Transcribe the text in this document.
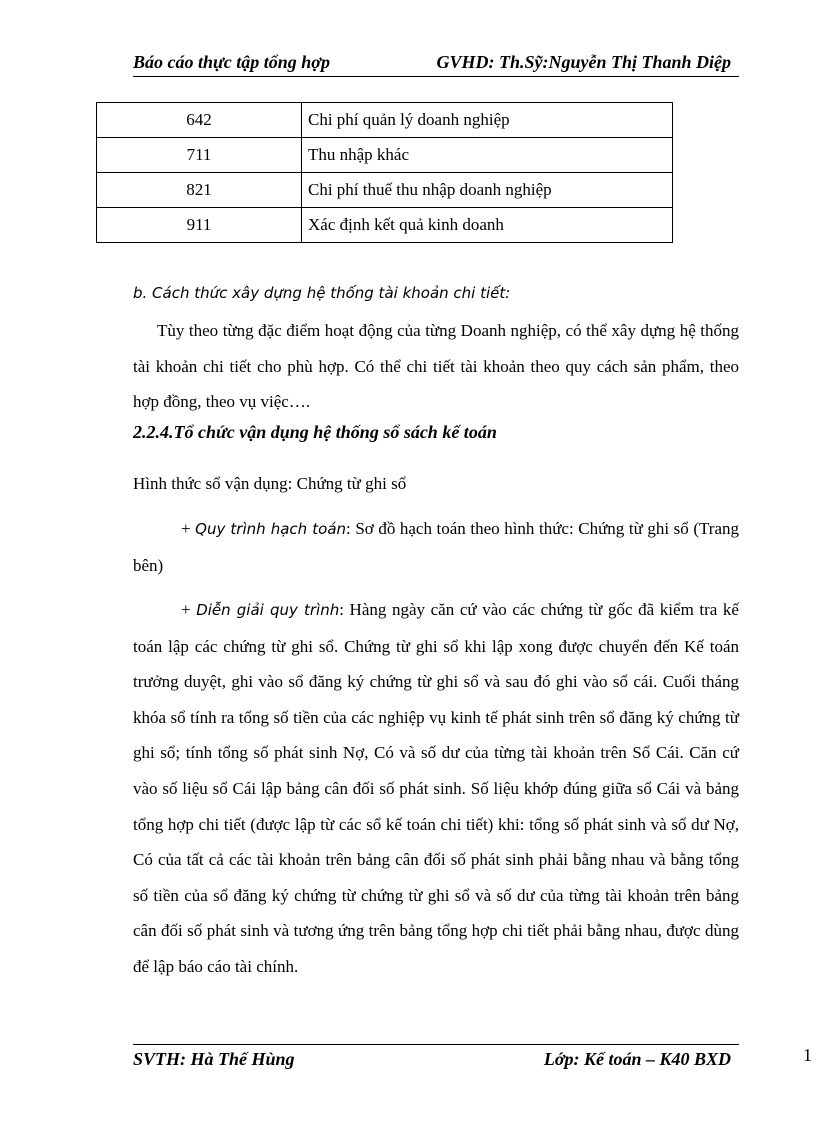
Báo cáo thực tập tổng hợp	GVHD: Th.Sỹ:Nguyễn Thị Thanh Diệp
642	Chi phí quản lý doanh nghiệp
711	Thu nhập khác
821	Chi phí thuế thu nhập doanh nghiệp
911	Xác định kết quả kinh doanh
b. Cách thức xây dựng hệ thống tài khoản chi tiết:
Tùy theo từng đặc điểm hoạt động của từng Doanh nghiệp, có thể xây dựng hệ thống tài khoản chi tiết cho phù hợp. Có thể chi tiết tài khoản theo quy cách sản phẩm, theo hợp đồng, theo vụ việc….
2.2.4.Tổ chức vận dụng hệ thống sổ sách kế toán
Hình thức sổ vận dụng: Chứng từ ghi sổ
+ Quy trình hạch toán: Sơ đồ hạch toán theo hình thức: Chứng từ ghi sổ (Trang bên)
+ Diễn giải quy trình: Hàng ngày căn cứ vào các chứng từ gốc đã kiểm tra kế toán lập các chứng từ ghi sổ. Chứng từ ghi sổ khi lập xong được chuyển đến Kế toán trưởng duyệt, ghi vào sổ đăng ký chứng từ ghi sổ và sau đó ghi vào sổ cái. Cuối tháng khóa sổ tính ra tổng số tiền của các nghiệp vụ kinh tế phát sinh trên sổ đăng ký chứng từ ghi sổ; tính tổng số phát sinh Nợ, Có và số dư của từng tài khoản trên Sổ Cái. Căn cứ vào số liệu sổ Cái lập bảng cân đối số phát sinh. Số liệu khớp đúng giữa sổ Cái và bảng tổng hợp chi tiết (được lập từ các sổ kế toán chi tiết) khi: tổng số phát sinh và số dư Nợ, Có của tất cả các tài khoản trên bảng cân đối số phát sinh phải bằng nhau và bằng tổng số tiền của sổ đăng ký chứng từ chứng từ ghi sổ và số dư của từng tài khoản trên bảng cân đối số phát sinh và tương ứng trên bảng tổng hợp chi tiết phải bằng nhau, được dùng để lập báo cáo tài chính.
SVTH: Hà Thế Hùng	Lớp: Kế toán – K40 BXD	1
